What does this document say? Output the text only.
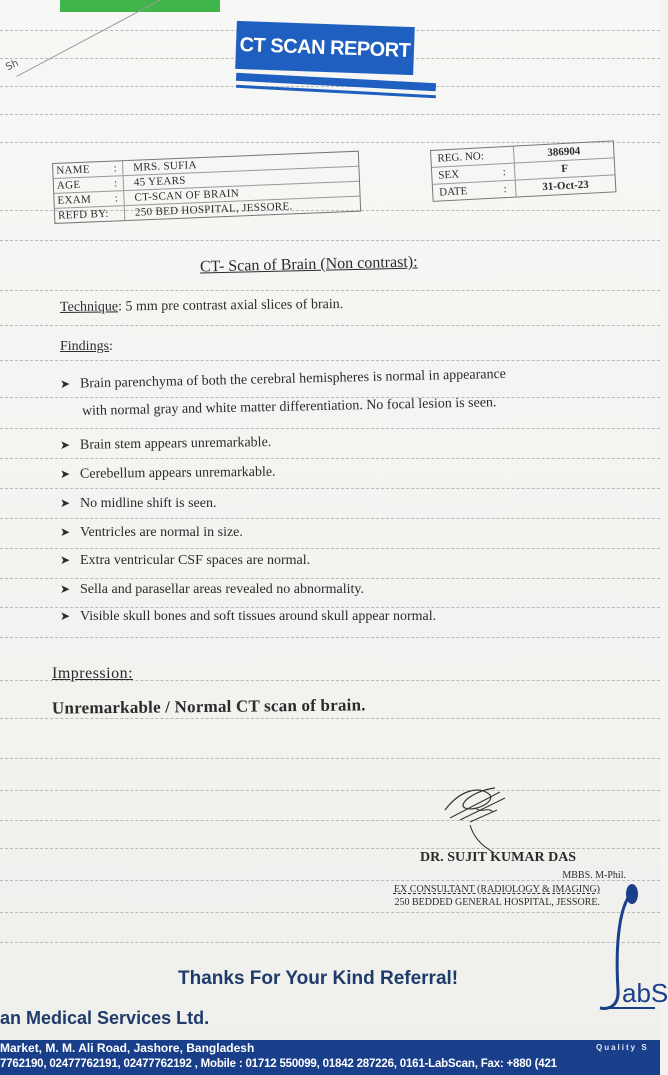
Sh
CT SCAN REPORT
NAME	:	MRS. SUFIA
AGE	:	45 YEARS
EXAM	:	CT-SCAN OF BRAIN
REFD BY:	250 BED HOSPITAL, JESSORE.
REG. NO:	386904
SEX	:	F
DATE	:	31-Oct-23
CT- Scan of Brain (Non contrast):
Technique: 5 mm pre contrast axial slices of brain.
Findings:
➤ Brain parenchyma of both the cerebral hemispheres is normal in appearance
with normal gray and white matter differentiation. No focal lesion is seen.
➤ Brain stem appears unremarkable.
➤ Cerebellum appears unremarkable.
➤ No midline shift is seen.
➤ Ventricles are normal in size.
➤ Extra ventricular CSF spaces are normal.
➤ Sella and parasellar areas revealed no abnormality.
➤ Visible skull bones and soft tissues around skull appear normal.
Impression:
Unremarkable / Normal CT scan of brain.
DR. SUJIT KUMAR DAS
MBBS. M-Phil.
EX CONSULTANT (RADIOLOGY & IMAGING)
250 BEDDED GENERAL HOSPITAL, JESSORE.
abS
Thanks For Your Kind Referral!
an Medical Services Ltd.
Market, M. M. Ali Road, Jashore, Bangladesh	Quality S
7762190, 02477762191, 02477762192 , Mobile : 01712 550099, 01842 287226, 0161-LabScan, Fax: +880 (421
